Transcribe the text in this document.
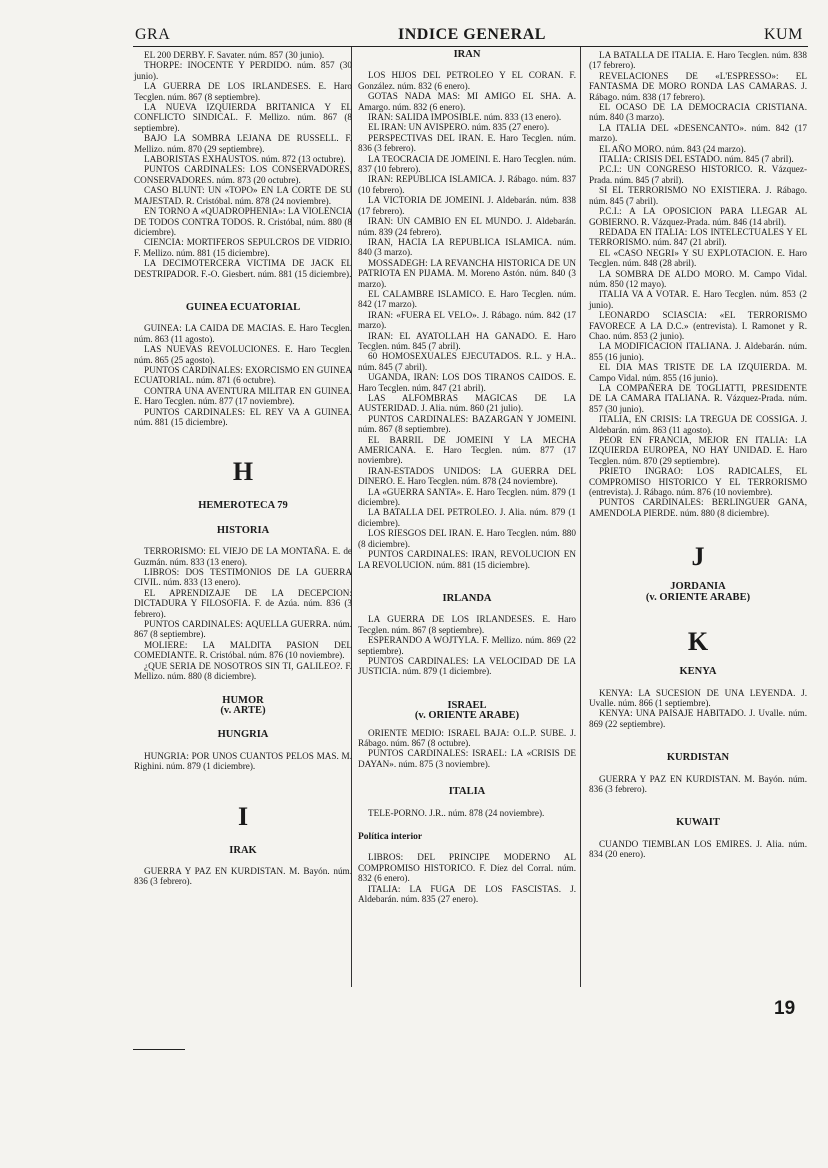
GRA	INDICE GENERAL	KUM

EL 200 DERBY. F. Savater. núm. 857 (30 junio).

THORPE: INOCENTE Y PERDIDO. núm. 857 (30 junio).

LA GUERRA DE LOS IRLANDESES. E. Haro Tecglen. núm. 867 (8 septiembre).

LA NUEVA IZQUIERDA BRITANICA Y EL CONFLICTO SINDICAL. F. Mellizo. núm. 867 (8 septiembre).

BAJO LA SOMBRA LEJANA DE RUSSELL. F. Mellizo. núm. 870 (29 septiembre).

LABORISTAS EXHAUSTOS. núm. 872 (13 octubre).

PUNTOS CARDINALES: LOS CONSERVADORES, CONSERVADORES. núm. 873 (20 octubre).

CASO BLUNT: UN «TOPO» EN LA CORTE DE SU MAJESTAD. R. Cristóbal. núm. 878 (24 noviembre).

EN TORNO A «QUADROPHENIA»: LA VIOLENCIA DE TODOS CONTRA TODOS. R. Cristóbal, núm. 880 (8 diciembre).

CIENCIA: MORTIFEROS SEPULCROS DE VIDRIO. F. Mellizo. núm. 881 (15 diciembre).

LA DECIMOTERCERA VICTIMA DE JACK EL DESTRIPADOR. F.-O. Giesbert. núm. 881 (15 diciembre).

GUINEA ECUATORIAL

GUINEA: LA CAIDA DE MACIAS. E. Haro Tecglen. núm. 863 (11 agosto).

LAS NUEVAS REVOLUCIONES. E. Haro Tecglen. núm. 865 (25 agosto).

PUNTOS CARDINALES: EXORCISMO EN GUINEA ECUATORIAL. núm. 871 (6 octubre).

CONTRA UNA AVENTURA MILITAR EN GUINEA. E. Haro Tecglen. núm. 877 (17 noviembre).

PUNTOS CARDINALES: EL REY VA A GUINEA. núm. 881 (15 diciembre).

H

HEMEROTECA 79

HISTORIA

TERRORISMO: EL VIEJO DE LA MONTAÑA. E. de Guzmán. núm. 833 (13 enero).

LIBROS: DOS TESTIMONIOS DE LA GUERRA CIVIL. núm. 833 (13 enero).

EL APRENDIZAJE DE LA DECEPCION: DICTADURA Y FILOSOFIA. F. de Azúa. núm. 836 (3 febrero).

PUNTOS CARDINALES: AQUELLA GUERRA. núm. 867 (8 septiembre).

MOLIERE: LA MALDITA PASION DEL COMEDIANTE. R. Cristóbal. núm. 876 (10 noviembre).

¿QUE SERIA DE NOSOTROS SIN TI, GALILEO?. F. Mellizo. núm. 880 (8 diciembre).

HUMOR

(v. ARTE)

HUNGRIA

HUNGRIA: POR UNOS CUANTOS PELOS MAS. M. Righini. núm. 879 (1 diciembre).

I

IRAK

GUERRA Y PAZ EN KURDISTAN. M. Bayón. núm. 836 (3 febrero).

IRAN

LOS HIJOS DEL PETROLEO Y EL CORAN. F. González. núm. 832 (6 enero).

GOTAS NADA MAS: MI AMIGO EL SHA. A. Amargo. núm. 832 (6 enero).

IRAN: SALIDA IMPOSIBLE. núm. 833 (13 enero).

EL IRAN: UN AVISPERO. núm. 835 (27 enero).

PERSPECTIVAS DEL IRAN. E. Haro Tecglen. núm. 836 (3 febrero).

LA TEOCRACIA DE JOMEINI. E. Haro Tecglen. núm. 837 (10 febrero).

IRAN: REPUBLICA ISLAMICA. J. Rábago. núm. 837 (10 febrero).

LA VICTORIA DE JOMEINI. J. Aldebarán. núm. 838 (17 febrero).

IRAN: UN CAMBIO EN EL MUNDO. J. Aldebarán. núm. 839 (24 febrero).

IRAN, HACIA LA REPUBLICA ISLAMICA. núm. 840 (3 marzo).

MOSSADEGH: LA REVANCHA HISTORICA DE UN PATRIOTA EN PIJAMA. M. Moreno Astón. núm. 840 (3 marzo).

EL CALAMBRE ISLAMICO. E. Haro Tecglen. núm. 842 (17 marzo).

IRAN: «FUERA EL VELO». J. Rábago. núm. 842 (17 marzo).

IRAN: EL AYATOLLAH HA GANADO. E. Haro Tecglen. núm. 845 (7 abril).

60 HOMOSEXUALES EJECUTADOS. R.L. y H.A.. núm. 845 (7 abril).

UGANDA, IRAN: LOS DOS TIRANOS CAIDOS. E. Haro Tecglen. núm. 847 (21 abril).

LAS ALFOMBRAS MAGICAS DE LA AUSTERIDAD. J. Alia. núm. 860 (21 julio).

PUNTOS CARDINALES: BAZARGAN Y JOMEINI. núm. 867 (8 septiembre).

EL BARRIL DE JOMEINI Y LA MECHA AMERICANA. E. Haro Tecglen. núm. 877 (17 noviembre).

IRAN-ESTADOS UNIDOS: LA GUERRA DEL DINERO. E. Haro Tecglen. núm. 878 (24 noviembre).

LA «GUERRA SANTA». E. Haro Tecglen. núm. 879 (1 diciembre).

LA BATALLA DEL PETROLEO. J. Alia. núm. 879 (1 diciembre).

LOS RIESGOS DEL IRAN. E. Haro Tecglen. núm. 880 (8 diciembre).

PUNTOS CARDINALES: IRAN, REVOLUCION EN LA REVOLUCION. núm. 881 (15 diciembre).

IRLANDA

LA GUERRA DE LOS IRLANDESES. E. Haro Tecglen. núm. 867 (8 septiembre).

ESPERANDO A WOJTYLA. F. Mellizo. núm. 869 (22 septiembre).

PUNTOS CARDINALES: LA VELOCIDAD DE LA JUSTICIA. núm. 879 (1 diciembre).

ISRAEL

(v. ORIENTE ARABE)

ORIENTE MEDIO: ISRAEL BAJA: O.L.P. SUBE. J. Rábago. núm. 867 (8 octubre).

PUNTOS CARDINALES: ISRAEL: LA «CRISIS DE DAYAN». núm. 875 (3 noviembre).

ITALIA

TELE-PORNO. J.R.. núm. 878 (24 noviembre).

Política interior

LIBROS: DEL PRINCIPE MODERNO AL COMPROMISO HISTORICO. F. Díez del Corral. núm. 832 (6 enero).

ITALIA: LA FUGA DE LOS FASCISTAS. J. Aldebarán. núm. 835 (27 enero).

LA BATALLA DE ITALIA. E. Haro Tecglen. núm. 838 (17 febrero).

REVELACIONES DE «L'ESPRESSO»: EL FANTASMA DE MORO RONDA LAS CAMARAS. J. Rábago. núm. 838 (17 febrero).

EL OCASO DE LA DEMOCRACIA CRISTIANA. núm. 840 (3 marzo).

LA ITALIA DEL «DESENCANTO». núm. 842 (17 marzo).

EL AÑO MORO. núm. 843 (24 marzo).

ITALIA: CRISIS DEL ESTADO. núm. 845 (7 abril).

P.C.I.: UN CONGRESO HISTORICO. R. Vázquez-Prada. núm. 845 (7 abril).

SI EL TERRORISMO NO EXISTIERA. J. Rábago. núm. 845 (7 abril).

P.C.I.: A LA OPOSICION PARA LLEGAR AL GOBIERNO. R. Vázquez-Prada. núm. 846 (14 abril).

REDADA EN ITALIA: LOS INTELECTUALES Y EL TERRORISMO. núm. 847 (21 abril).

EL «CASO NEGRI» Y SU EXPLOTACION. E. Haro Tecglen. núm. 848 (28 abril).

LA SOMBRA DE ALDO MORO. M. Campo Vidal. núm. 850 (12 mayo).

ITALIA VA A VOTAR. E. Haro Tecglen. núm. 853 (2 junio).

LEONARDO SCIASCIA: «EL TERRORISMO FAVORECE A LA D.C.» (entrevista). I. Ramonet y R. Chao. núm. 853 (2 junio).

LA MODIFICACION ITALIANA. J. Aldebarán. núm. 855 (16 junio).

EL DIA MAS TRISTE DE LA IZQUIERDA. M. Campo Vidal. núm. 855 (16 junio).

LA COMPAÑERA DE TOGLIATTI, PRESIDENTE DE LA CAMARA ITALIANA. R. Vázquez-Prada. núm. 857 (30 junio).

ITALIA, EN CRISIS: LA TREGUA DE COSSIGA. J. Aldebarán. núm. 863 (11 agosto).

PEOR EN FRANCIA, MEJOR EN ITALIA: LA IZQUIERDA EUROPEA, NO HAY UNIDAD. E. Haro Tecglen. núm. 870 (29 septiembre).

PRIETO INGRAO: LOS RADICALES, EL COMPROMISO HISTORICO Y EL TERRORISMO (entrevista). J. Rábago. núm. 876 (10 noviembre).

PUNTOS CARDINALES: BERLINGUER GANA, AMENDOLA PIERDE. núm. 880 (8 diciembre).

J

JORDANIA

(v. ORIENTE ARABE)

K

KENYA

KENYA: LA SUCESION DE UNA LEYENDA. J. Uvalle. núm. 866 (1 septiembre).

KENYA: UNA PAISAJE HABITADO. J. Uvalle. núm. 869 (22 septiembre).

KURDISTAN

GUERRA Y PAZ EN KURDISTAN. M. Bayón. núm. 836 (3 febrero).

KUWAIT

CUANDO TIEMBLAN LOS EMIRES. J. Alia. núm. 834 (20 enero).

19
